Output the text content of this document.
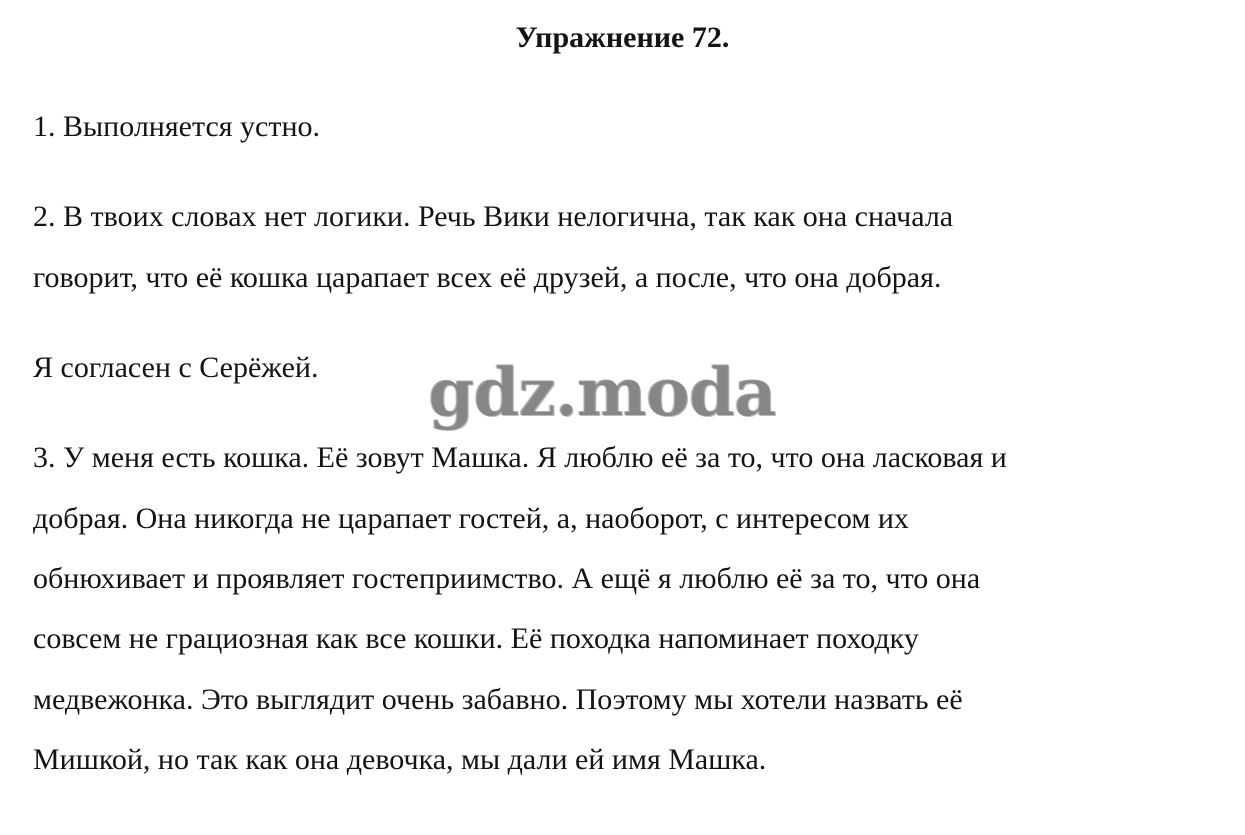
Упражнение 72.

1. Выполняется устно.

2. В твоих словах нет логики. Речь Вики нелогична, так как она сначала

говорит, что её кошка царапает всех её друзей, а после, что она добрая.

Я согласен с Серёжей.

3. У меня есть кошка. Её зовут Машка. Я люблю её за то, что она ласковая и

добрая. Она никогда не царапает гостей, а, наоборот, с интересом их

обнюхивает и проявляет гостеприимство. А ещё я люблю её за то, что она

совсем не грациозная как все кошки. Её походка напоминает походку

медвежонка. Это выглядит очень забавно. Поэтому мы хотели назвать её

Мишкой, но так как она девочка, мы дали ей имя Машка.

gdz.moda
